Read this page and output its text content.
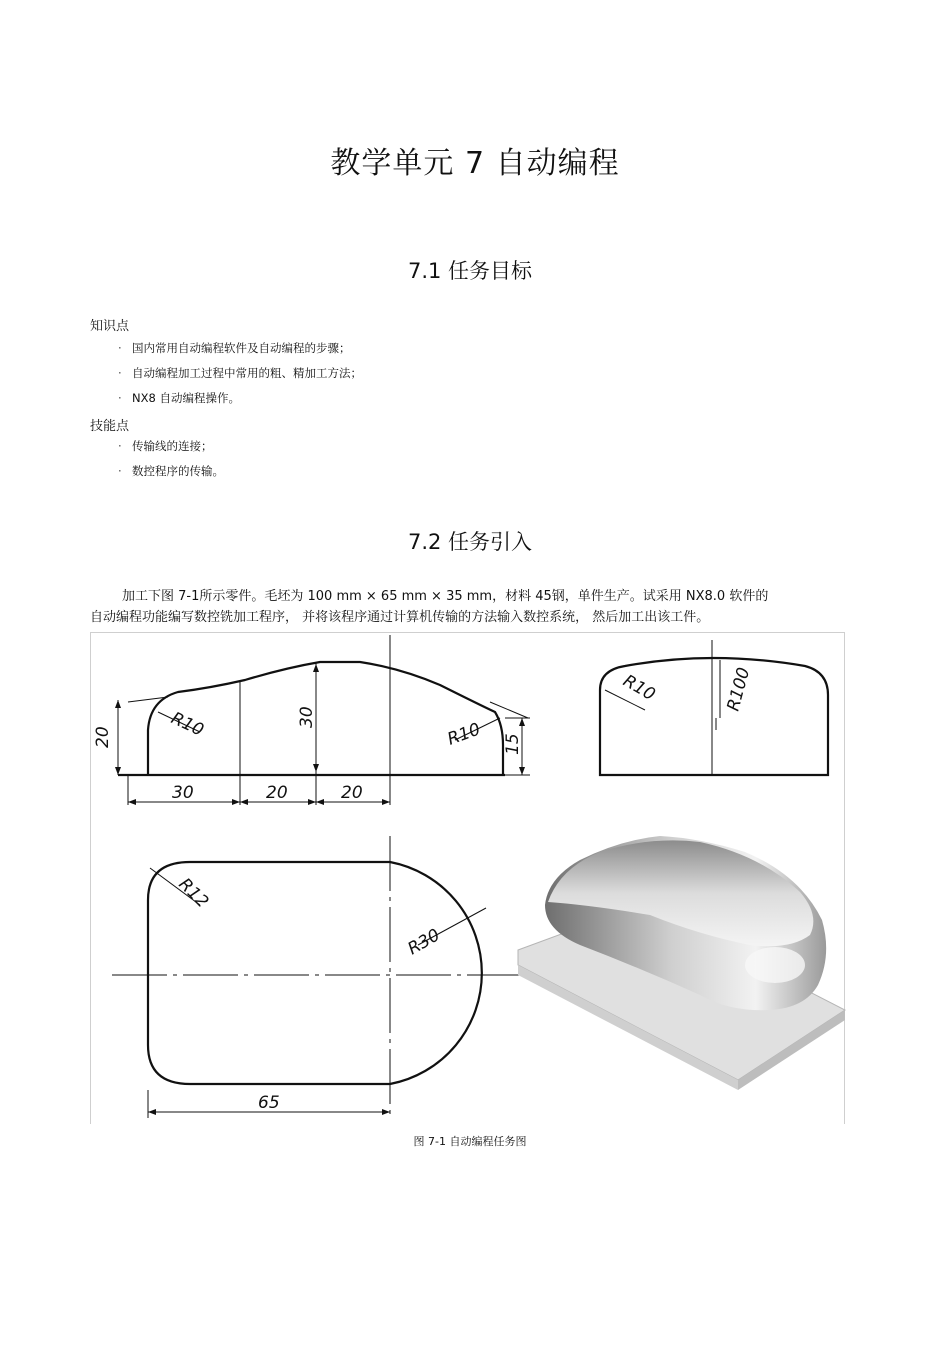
教学单元 7 自动编程
7.1 任务目标
知识点
· 国内常用自动编程软件及自动编程的步骤；
· 自动编程加工过程中常用的粗、精加工方法；
· NX8 自动编程操作。
技能点
· 传输线的连接；
· 数控程序的传输。
7.2 任务引入
加工下图 7-1所示零件。毛坯为 100 mm × 65 mm × 35 mm，材料 45钢，单件生产。试采用 NX8.0 软件的
自动编程功能编写数控铣加工程序， 并将该程序通过计算机传输的方法输入数控系统， 然后加工出该工件。
20	R10	30
R10 15
30	20	20
R10	R100
R12
R30
65
图 7-1 自动编程任务图
